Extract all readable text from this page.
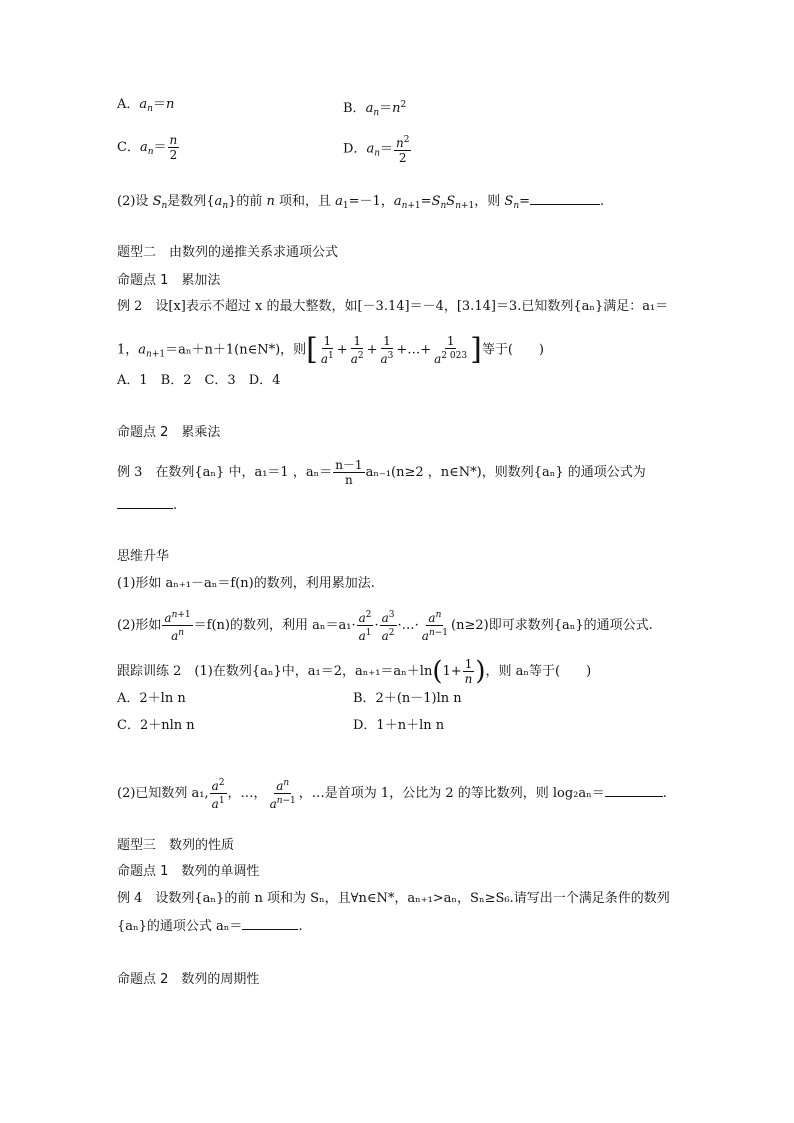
A．$a_n=n$	B．$a_n=n^2$
C．$a_n= \frac{n}{2}$	D．$a_n= \frac{n^2}{2}$
(2)设 $S_n$是数列$\{a_n\}$的前 n 项和，且 $a_1=-1$，$a_{n+1}=S_nS_{n+1}$，则 $S_n=$	.
题型二　由数列的递推关系求通项公式
命题点 1　累加法
例 2　设[x]表示不超过 x 的最大整数，如[－3.14]＝－4，[3.14]＝3.已知数列{aₙ}满足：a₁＝
1，$a_{n+1}=a_n+n+1(n\in N*)$，则[ $\frac{1}{a^1} + \frac{1}{a^2} + \frac{1}{a^3}$ +…+ $\frac{1}{a^{2 023}}$ ]等于(　　)
A．1　B．2　C．3　D．4
命题点 2　累乘法
例 3　在数列{aₙ} 中，a₁＝1 ，$a_n= \frac{n-1}{n} a_{n-1}(n\ge 2$ ，n∈N*)，则数列{aₙ} 的通项公式为
.
思维升华
(1)形如 aₙ₊₁－aₙ＝f(n)的数列，利用累加法.
(2)形如 $\frac{a^{n+1}}{a^n} =f(n)$的数列，利用 $a_n=a_1\cdot \frac{a^2}{a^1} \cdot \frac{a^3}{a^2}$ ·…· $\frac{a^n}{a^{n-1}} (n\ge 2)$即可求数列{aₙ}的通项公式.
跟踪训练 2　(1)在数列{aₙ}中，a₁＝2，$a_{n+1}=a_n+\ln(1+ \frac{1}{n}$ )，则 aₙ等于(　　)
A．2＋ln n	B．2＋(n－1)ln n
C．2＋nln n	D．1＋n＋ln n
(2)已知数列 a₁, $\frac{a^2}{a^1}$ ，…， $\frac{a^n}{a^{n-1}}$ ，…是首项为 1，公比为 2 的等比数列，则 log₂aₙ＝	.
题型三　数列的性质
命题点 1　数列的单调性
例 4　设数列{aₙ}的前 n 项和为 Sₙ，且∀n∈N*，aₙ₊₁>aₙ，Sₙ≥S₆.请写出一个满足条件的数列
{aₙ}的通项公式 aₙ＝	.
命题点 2　数列的周期性
